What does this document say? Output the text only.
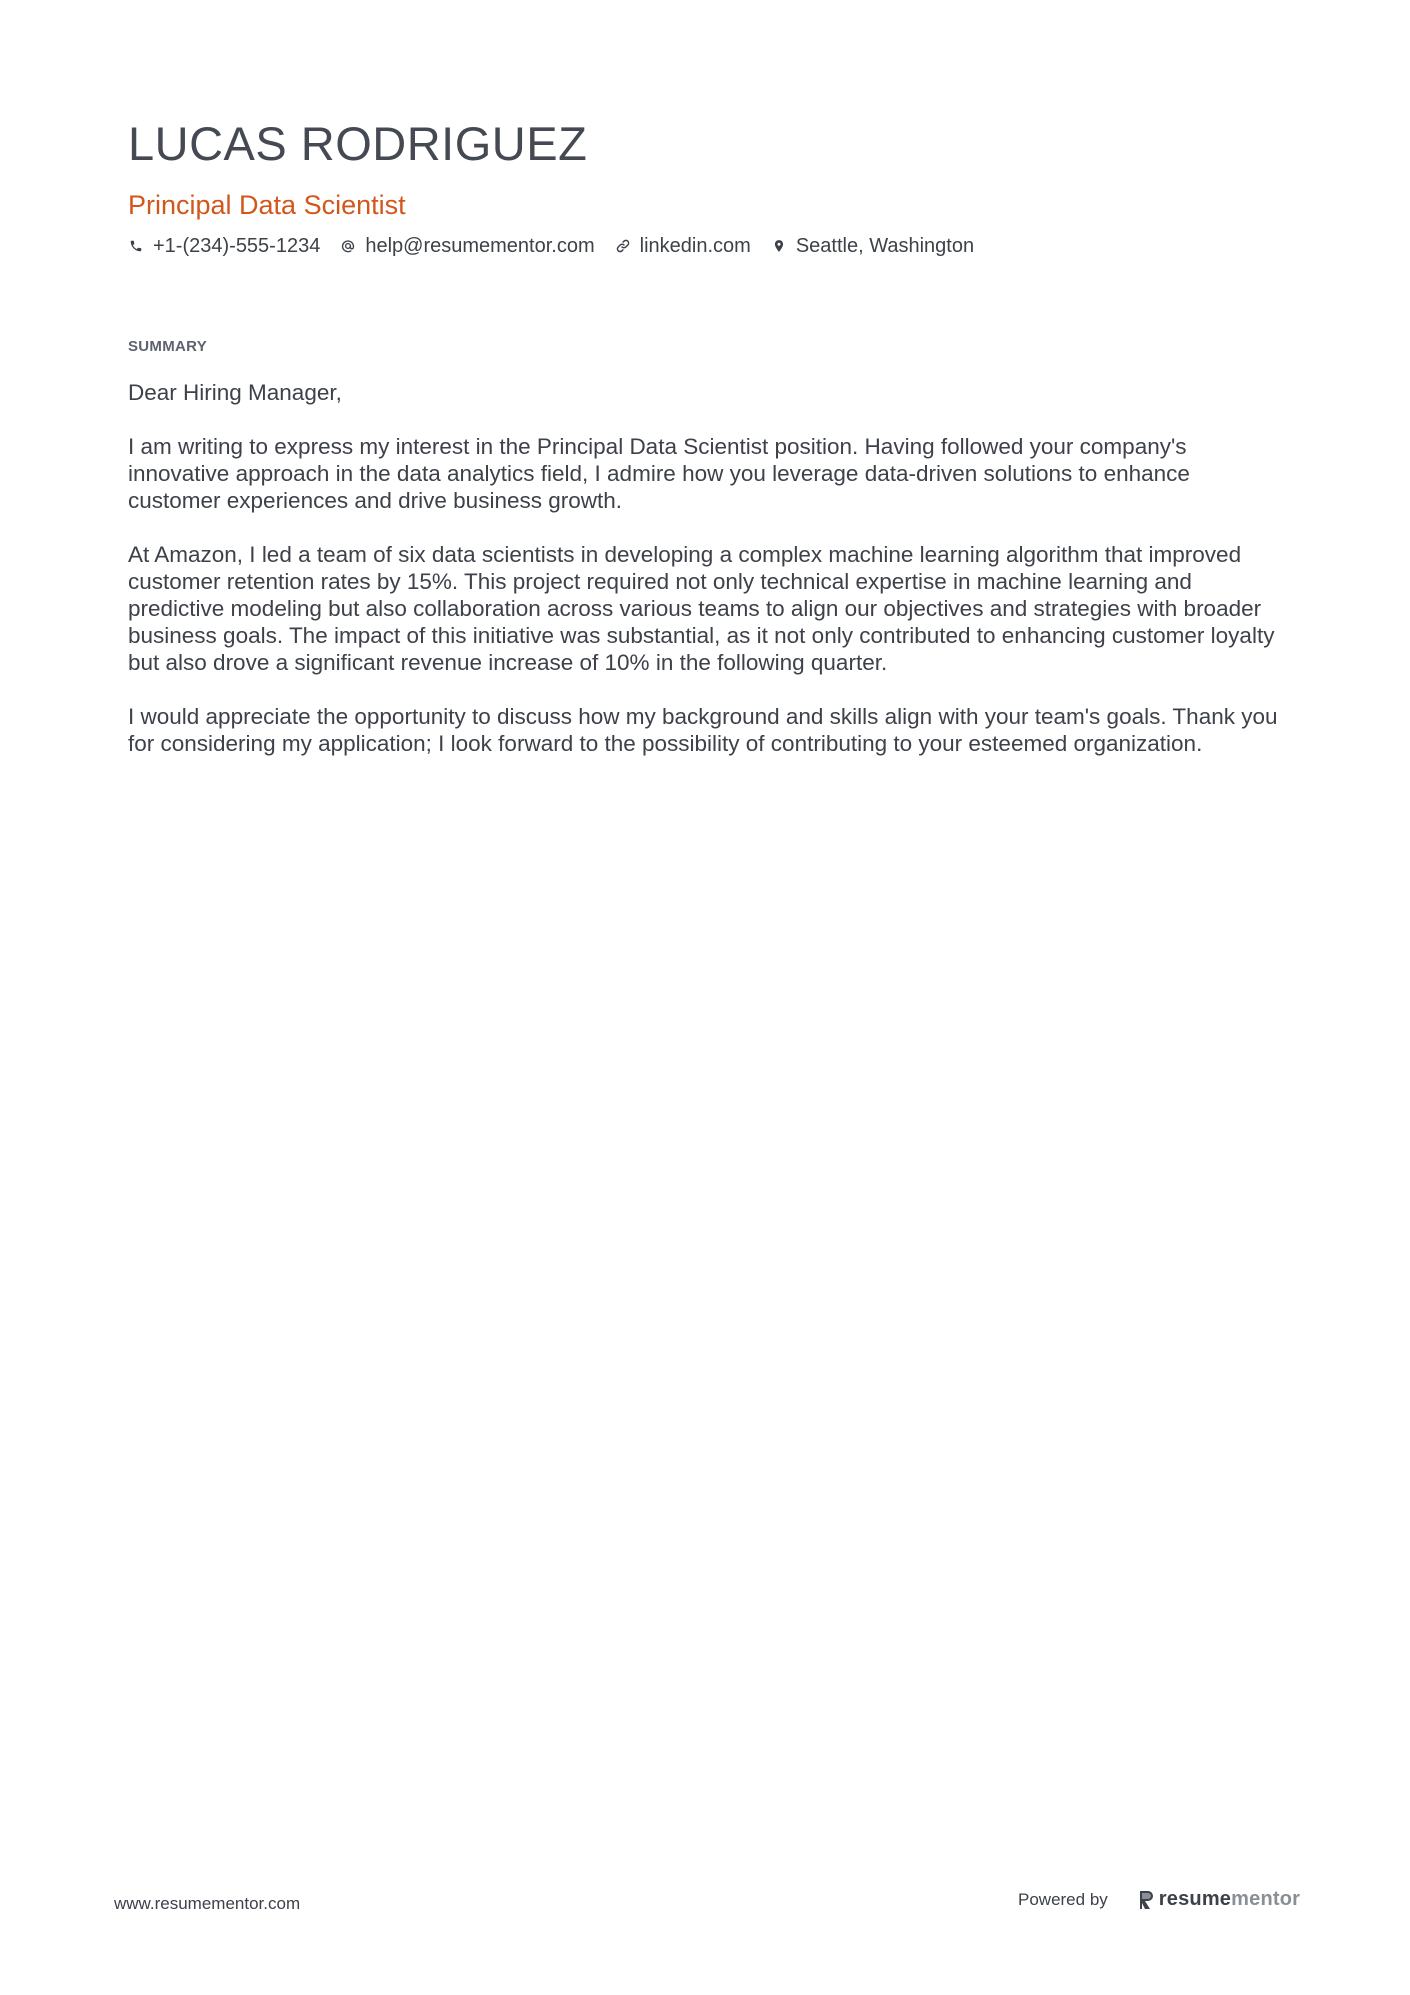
LUCAS RODRIGUEZ
Principal Data Scientist
+1-(234)-555-1234 help@resumementor.com linkedin.com Seattle, Washington
SUMMARY

Dear Hiring Manager,

I am writing to express my interest in the Principal Data Scientist position. Having followed your company's innovative approach in the data analytics field, I admire how you leverage data-driven solutions to enhance customer experiences and drive business growth.

At Amazon, I led a team of six data scientists in developing a complex machine learning algorithm that improved customer retention rates by 15%. This project required not only technical expertise in machine learning and predictive modeling but also collaboration across various teams to align our objectives and strategies with broader business goals. The impact of this initiative was substantial, as it not only contributed to enhancing customer loyalty but also drove a significant revenue increase of 10% in the following quarter.

I would appreciate the opportunity to discuss how my background and skills align with your team's goals. Thank you for considering my application; I look forward to the possibility of contributing to your esteemed organization.

www.resumementor.com	Powered by	resume mentor
